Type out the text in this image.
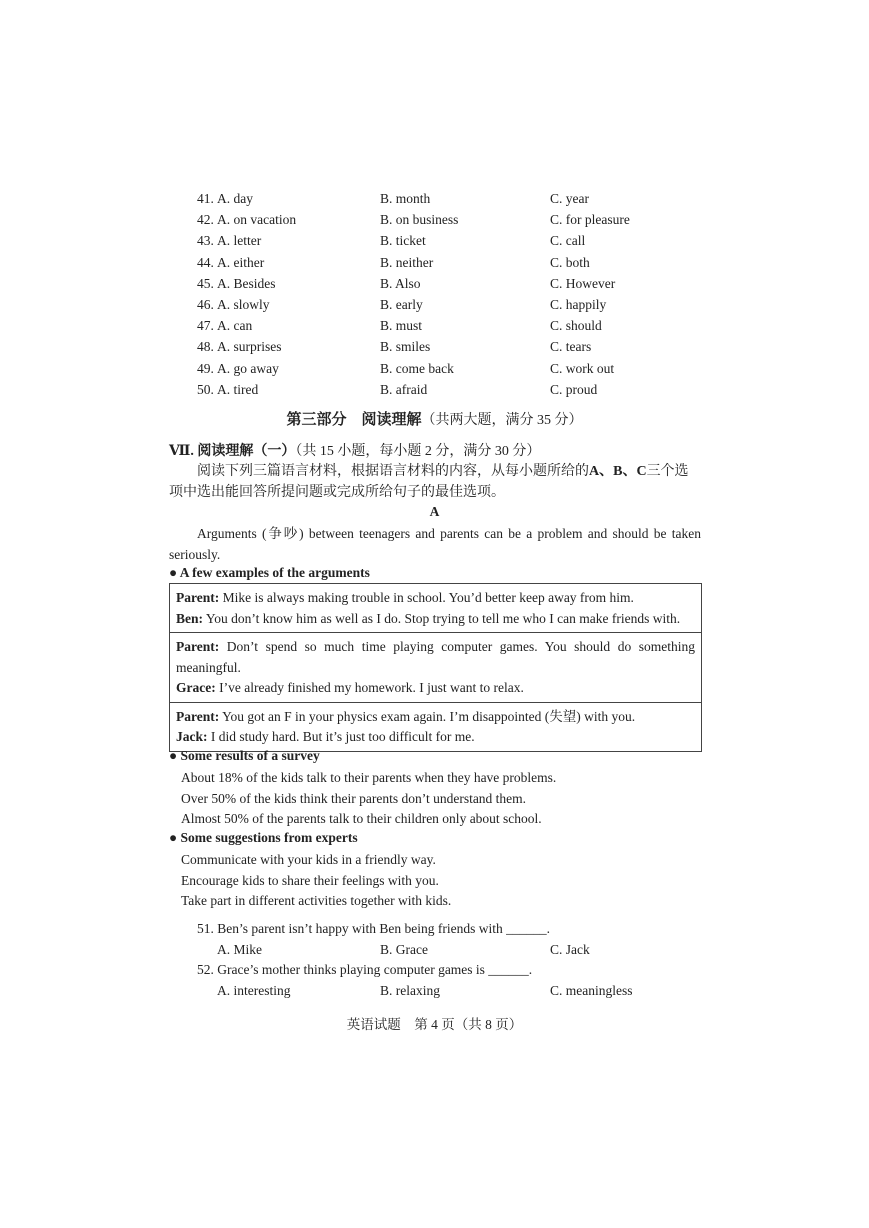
41. A. day	B. month	C. year
42. A. on vacation	B. on business	C. for pleasure
43. A. letter	B. ticket	C. call
44. A. either	B. neither	C. both
45. A. Besides	B. Also	C. However
46. A. slowly	B. early	C. happily
47. A. can	B. must	C. should
48. A. surprises	B. smiles	C. tears
49. A. go away	B. come back	C. work out
50. A. tired	B. afraid	C. proud
第三部分　阅读理解（共两大题，满分 35 分）
Ⅶ. 阅读理解（一）（共 15 小题，每小题 2 分，满分 30 分）
阅读下列三篇语言材料，根据语言材料的内容，从每小题所给的A、B、C三个选项中选出能回答所提问题或完成所给句子的最佳选项。
A
Arguments (争吵) between teenagers and parents can be a problem and should be taken seriously.
● A few examples of the arguments
Parent: Mike is always making trouble in school. You’d better keep away from him.
Ben: You don’t know him as well as I do. Stop trying to tell me who I can make friends with.
Parent: Don’t spend so much time playing computer games. You should do something meaningful.
Grace: I’ve already finished my homework. I just want to relax.
Parent: You got an F in your physics exam again. I’m disappointed (失望) with you.
Jack: I did study hard. But it’s just too difficult for me.
● Some results of a survey
About 18% of the kids talk to their parents when they have problems.
Over 50% of the kids think their parents don’t understand them.
Almost 50% of the parents talk to their children only about school.
● Some suggestions from experts
Communicate with your kids in a friendly way.
Encourage kids to share their feelings with you.
Take part in different activities together with kids.
51. Ben’s parent isn’t happy with Ben being friends with ______.
A. Mike	B. Grace	C. Jack
52. Grace’s mother thinks playing computer games is ______.
A. interesting	B. relaxing	C. meaningless
英语试题　第 4 页（共 8 页）
